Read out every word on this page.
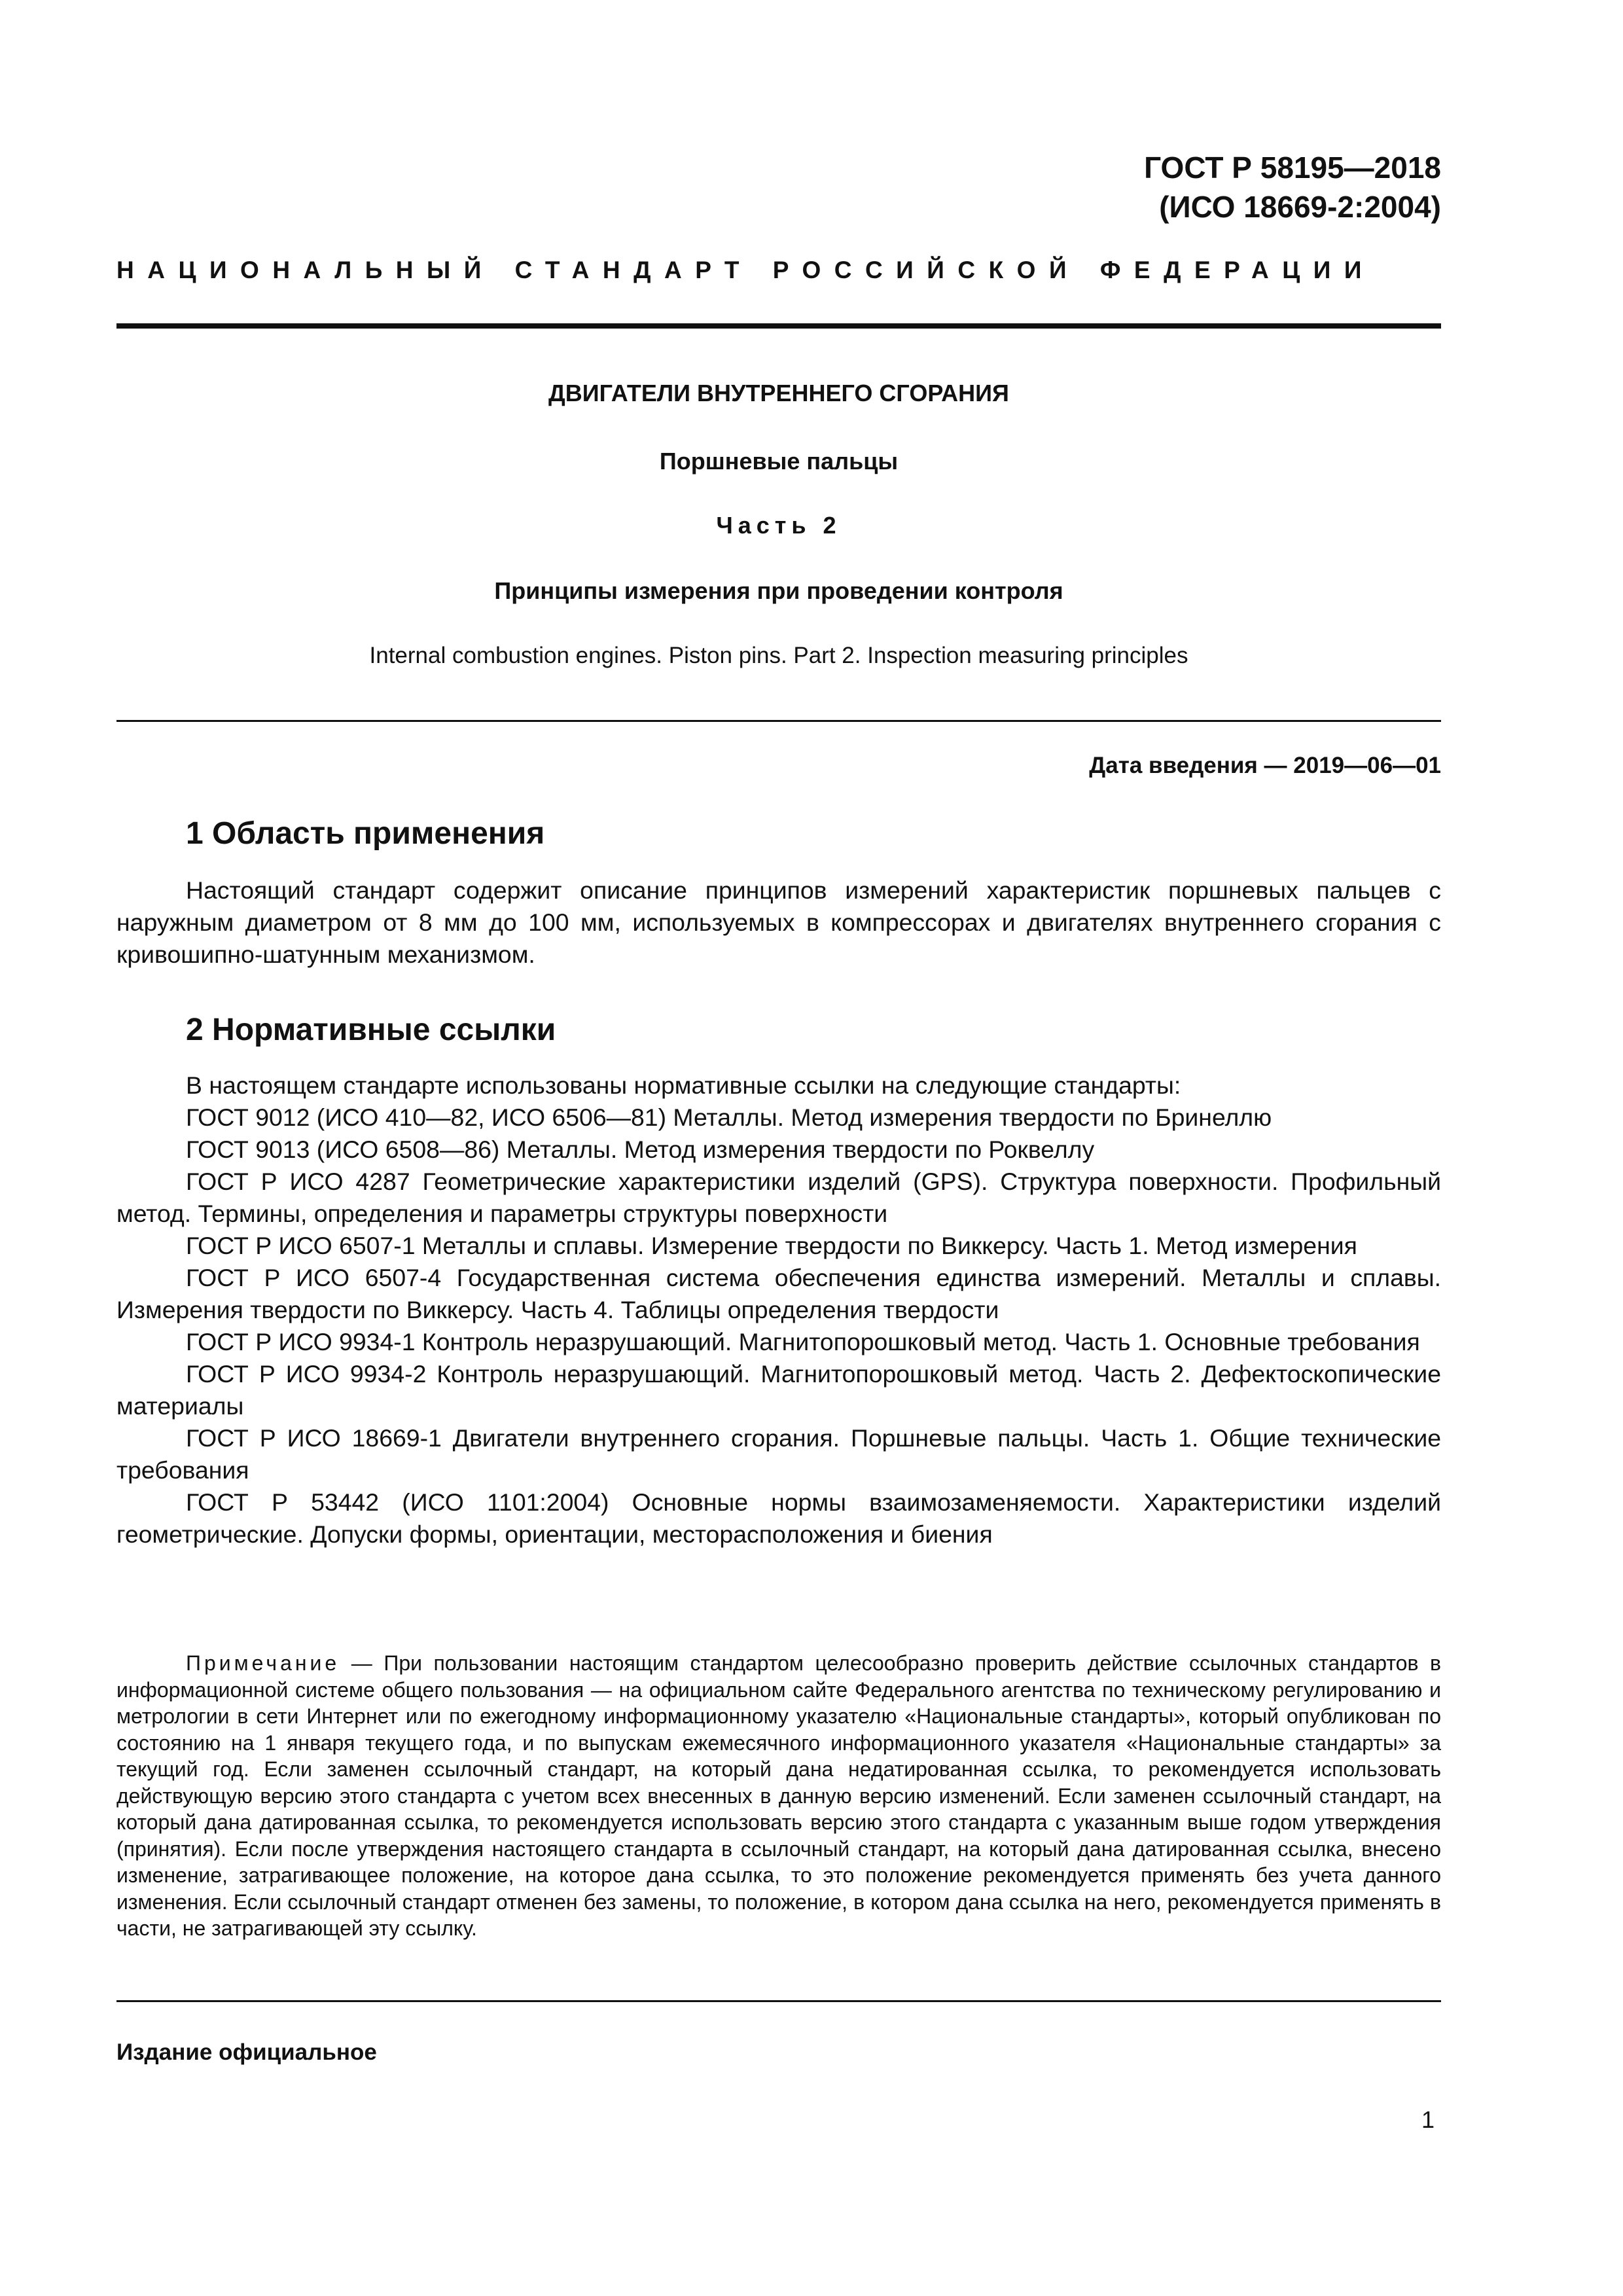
ГОСТ Р 58195—2018
(ИСО 18669-2:2004)
НАЦИОНАЛЬНЫЙ СТАНДАРТ РОССИЙСКОЙ ФЕДЕРАЦИИ
ДВИГАТЕЛИ ВНУТРЕННЕГО СГОРАНИЯ
Поршневые пальцы
Часть 2
Принципы измерения при проведении контроля
Internal combustion engines. Piston pins. Part 2. Inspection measuring principles
Дата введения — 2019—06—01
1 Область применения

Настоящий стандарт содержит описание принципов измерений характеристик поршневых пальцев с наружным диаметром от 8 мм до 100 мм, используемых в компрессорах и двигателях внутреннего сгорания с кривошипно-шатунным механизмом.

2 Нормативные ссылки

В настоящем стандарте использованы нормативные ссылки на следующие стандарты:

ГОСТ 9012 (ИСО 410—82, ИСО 6506—81) Металлы. Метод измерения твердости по Бринеллю

ГОСТ 9013 (ИСО 6508—86) Металлы. Метод измерения твердости по Роквеллу

ГОСТ Р ИСО 4287 Геометрические характеристики изделий (GPS). Структура поверхности. Профильный метод. Термины, определения и параметры структуры поверхности

ГОСТ Р ИСО 6507-1 Металлы и сплавы. Измерение твердости по Виккерсу. Часть 1. Метод измерения

ГОСТ Р ИСО 6507-4 Государственная система обеспечения единства измерений. Металлы и сплавы. Измерения твердости по Виккерсу. Часть 4. Таблицы определения твердости

ГОСТ Р ИСО 9934-1 Контроль неразрушающий. Магнитопорошковый метод. Часть 1. Основные требования

ГОСТ Р ИСО 9934-2 Контроль неразрушающий. Магнитопорошковый метод. Часть 2. Дефектоскопические материалы

ГОСТ Р ИСО 18669-1 Двигатели внутреннего сгорания. Поршневые пальцы. Часть 1. Общие технические требования

ГОСТ Р 53442 (ИСО 1101:2004) Основные нормы взаимозаменяемости. Характеристики изделий геометрические. Допуски формы, ориентации, месторасположения и биения

Примечание — При пользовании настоящим стандартом целесообразно проверить действие ссылочных стандартов в информационной системе общего пользования — на официальном сайте Федерального агентства по техническому регулированию и метрологии в сети Интернет или по ежегодному информационному указателю «Национальные стандарты», который опубликован по состоянию на 1 января текущего года, и по выпускам ежемесячного информационного указателя «Национальные стандарты» за текущий год. Если заменен ссылочный стандарт, на который дана недатированная ссылка, то рекомендуется использовать действующую версию этого стандарта с учетом всех внесенных в данную версию изменений. Если заменен ссылочный стандарт, на который дана датированная ссылка, то рекомендуется использовать версию этого стандарта с указанным выше годом утверждения (принятия). Если после утверждения настоящего стандарта в ссылочный стандарт, на который дана датированная ссылка, внесено изменение, затрагивающее положение, на которое дана ссылка, то это положение рекомендуется применять без учета данного изменения. Если ссылочный стандарт отменен без замены, то положение, в котором дана ссылка на него, рекомендуется применять в части, не затрагивающей эту ссылку.
Издание официальное
1
